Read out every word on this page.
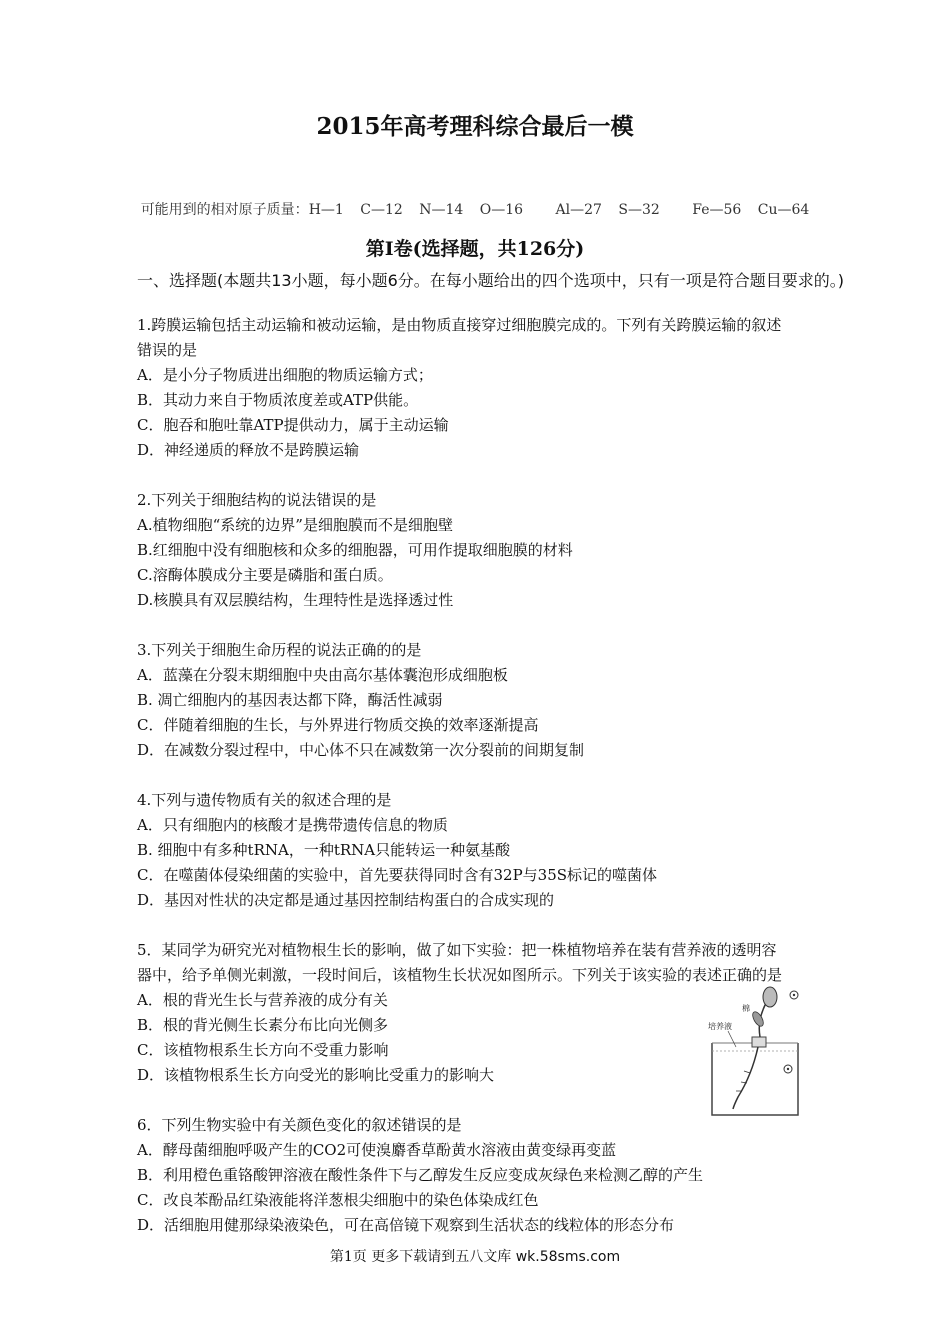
2015年高考理科综合最后一模
可能用到的相对原子质量：H—1 C—12 N—14 O—16 Al—27 S—32 Fe—56 Cu—64
第Ⅰ卷(选择题，共126分)
一、选择题(本题共13小题，每小题6分。在每小题给出的四个选项中，只有一项是符合题目要求的。)
1.跨膜运输包括主动运输和被动运输，是由物质直接穿过细胞膜完成的。下列有关跨膜运输的叙述
错误的是
A．是小分子物质进出细胞的物质运输方式；
B．其动力来自于物质浓度差或ATP供能。
C．胞吞和胞吐靠ATP提供动力，属于主动运输
D．神经递质的释放不是跨膜运输
2.下列关于细胞结构的说法错误的是
A.植物细胞“系统的边界”是细胞膜而不是细胞壁
B.红细胞中没有细胞核和众多的细胞器，可用作提取细胞膜的材料
C.溶酶体膜成分主要是磷脂和蛋白质。
D.核膜具有双层膜结构，生理特性是选择透过性
3.下列关于细胞生命历程的说法正确的的是
A．蓝藻在分裂末期细胞中央由高尔基体囊泡形成细胞板
B. 凋亡细胞内的基因表达都下降，酶活性减弱
C．伴随着细胞的生长，与外界进行物质交换的效率逐渐提高
D．在减数分裂过程中，中心体不只在减数第一次分裂前的间期复制
4.下列与遗传物质有关的叙述合理的是
A．只有细胞内的核酸才是携带遗传信息的物质
B. 细胞中有多种tRNA，一种tRNA只能转运一种氨基酸
C．在噬菌体侵染细菌的实验中，首先要获得同时含有32P与35S标记的噬菌体
D．基因对性状的决定都是通过基因控制结构蛋白的合成实现的
5．某同学为研究光对植物根生长的影响，做了如下实验：把一株植物培养在装有营养液的透明容
器中，给予单侧光刺激，一段时间后，该植物生长状况如图所示。下列关于该实验的表述正确的是
A．根的背光生长与营养液的成分有关
B．根的背光侧生长素分布比向光侧多
C．该植物根系生长方向不受重力影响
D．该植物根系生长方向受光的影响比受重力的影响大
6．下列生物实验中有关颜色变化的叙述错误的是
A．酵母菌细胞呼吸产生的CO2可使溴麝香草酚黄水溶液由黄变绿再变蓝
B．利用橙色重铬酸钾溶液在酸性条件下与乙醇发生反应变成灰绿色来检测乙醇的产生
C．改良苯酚品红染液能将洋葱根尖细胞中的染色体染成红色
D．活细胞用健那绿染液染色，可在高倍镜下观察到生活状态的线粒体的形态分布
棉
培养液
第1页 更多下载请到五八文库 wk.58sms.com
